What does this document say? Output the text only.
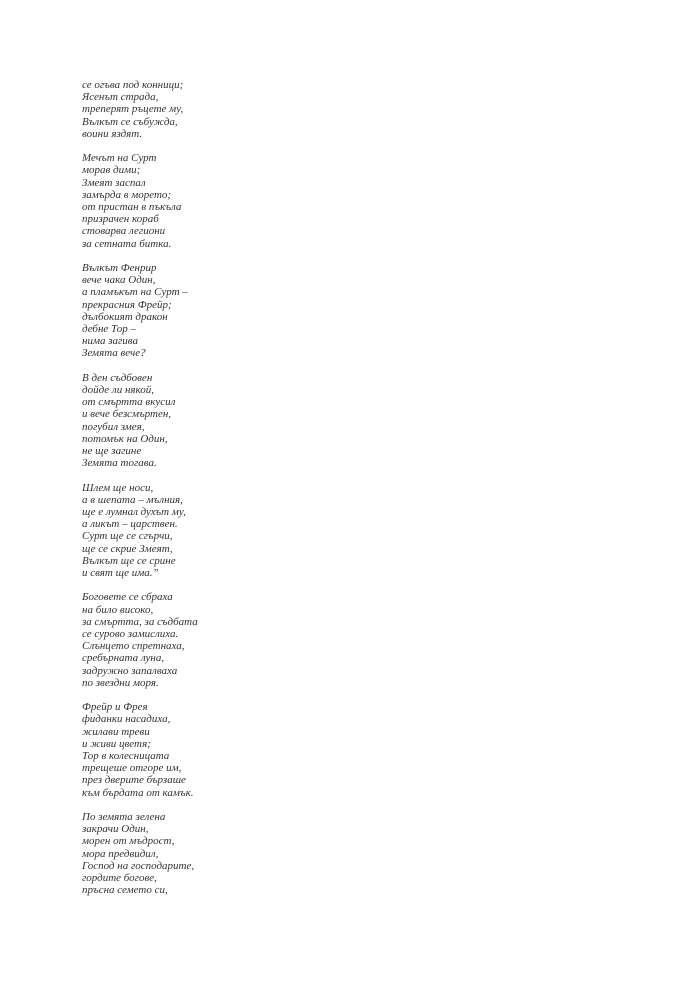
се огъва под конници;
Ясенът страда,
треперят ръцете му,
Вълкът се събужда,
воини яздят.
Мечът на Сурт
морав дими;
Змеят заспал
замърда в морето;
от пристан в пъкъла
призрачен кораб
стоварва легиони
за сетната битка.
Вълкът Фенрир
вече чака Один,
а пламъкът на Сурт –
прекрасния Фрейр;
дълбокият дракон
дебне Тор –
нима загива
Земята вече?
В ден съдбовен
дойде ли някой,
от смъртта вкусил
и вече безсмъртен,
погубил змея,
потомък на Один,
не ще загине
Земята тогава.
Шлем ще носи,
а в шепата – мълния,
ще е лумнал духът му,
а ликът – царствен.
Сурт ще се сгърчи,
ще се скрие Змеят,
Вълкът ще се срине
и свят ще има.”
Боговете се сбраха
на било високо,
за смъртта, за съдбата
се сурово замислиха.
Слънцето спретнаха,
сребърната луна,
задружно запалваха
по звездни моря.
Фрейр и Фрея
фиданки насадиха,
жилави треви
и живи цветя;
Тор в колесницата
трещеше отгоре им,
през дверите бързаше
към бърдата от камък.
По земята зелена
закрачи Один,
морен от мъдрост,
мора предвидил,
Господ на господарите,
гордите богове,
пръсна семето си,
